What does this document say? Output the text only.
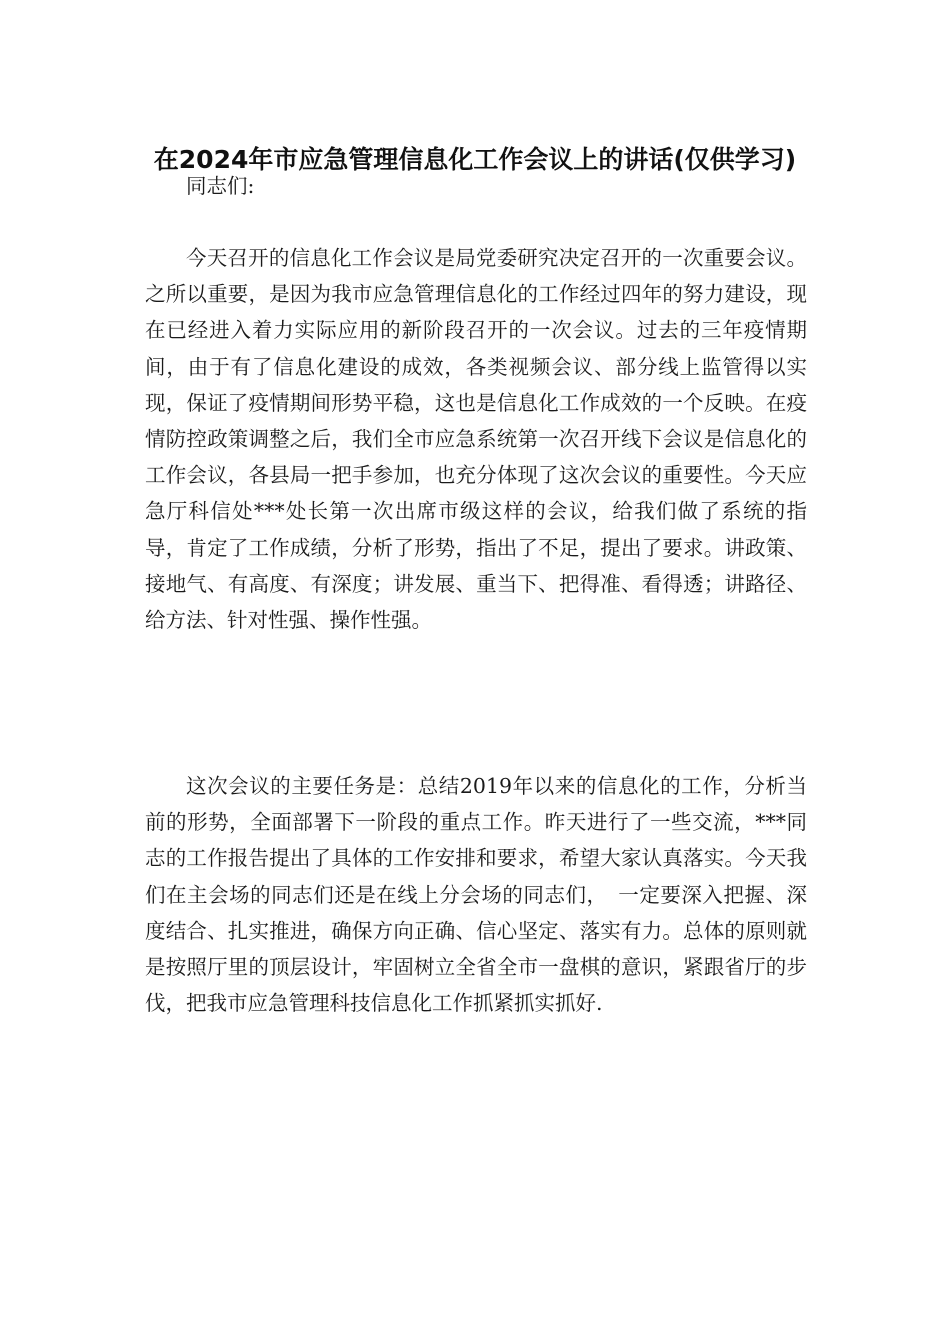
在2024年市应急管理信息化工作会议上的讲话(仅供学习)

同志们:

今天召开的信息化工作会议是局党委研究决定召开的一次重要会议。之所以重要，是因为我市应急管理信息化的工作经过四年的努力建设，现在已经进入着力实际应用的新阶段召开的一次会议。过去的三年疫情期间，由于有了信息化建设的成效，各类视频会议、部分线上监管得以实现，保证了疫情期间形势平稳，这也是信息化工作成效的一个反映。在疫情防控政策调整之后，我们全市应急系统第一次召开线下会议是信息化的工作会议，各县局一把手参加，也充分体现了这次会议的重要性。今天应急厅科信处***处长第一次出席市级这样的会议，给我们做了系统的指导，肯定了工作成绩，分析了形势，指出了不足，提出了要求。讲政策、接地气、有高度、有深度；讲发展、重当下、把得准、看得透；讲路径、给方法、针对性强、操作性强。

这次会议的主要任务是：总结2019年以来的信息化的工作，分析当前的形势，全面部署下一阶段的重点工作。昨天进行了一些交流，***同志的工作报告提出了具体的工作安排和要求，希望大家认真落实。今天我们在主会场的同志们还是在线上分会场的同志们，　一定要深入把握、深度结合、扎实推进，确保方向正确、信心坚定、落实有力。总体的原则就是按照厅里的顶层设计，牢固树立全省全市一盘棋的意识，紧跟省厅的步伐，把我市应急管理科技信息化工作抓紧抓实抓好.
